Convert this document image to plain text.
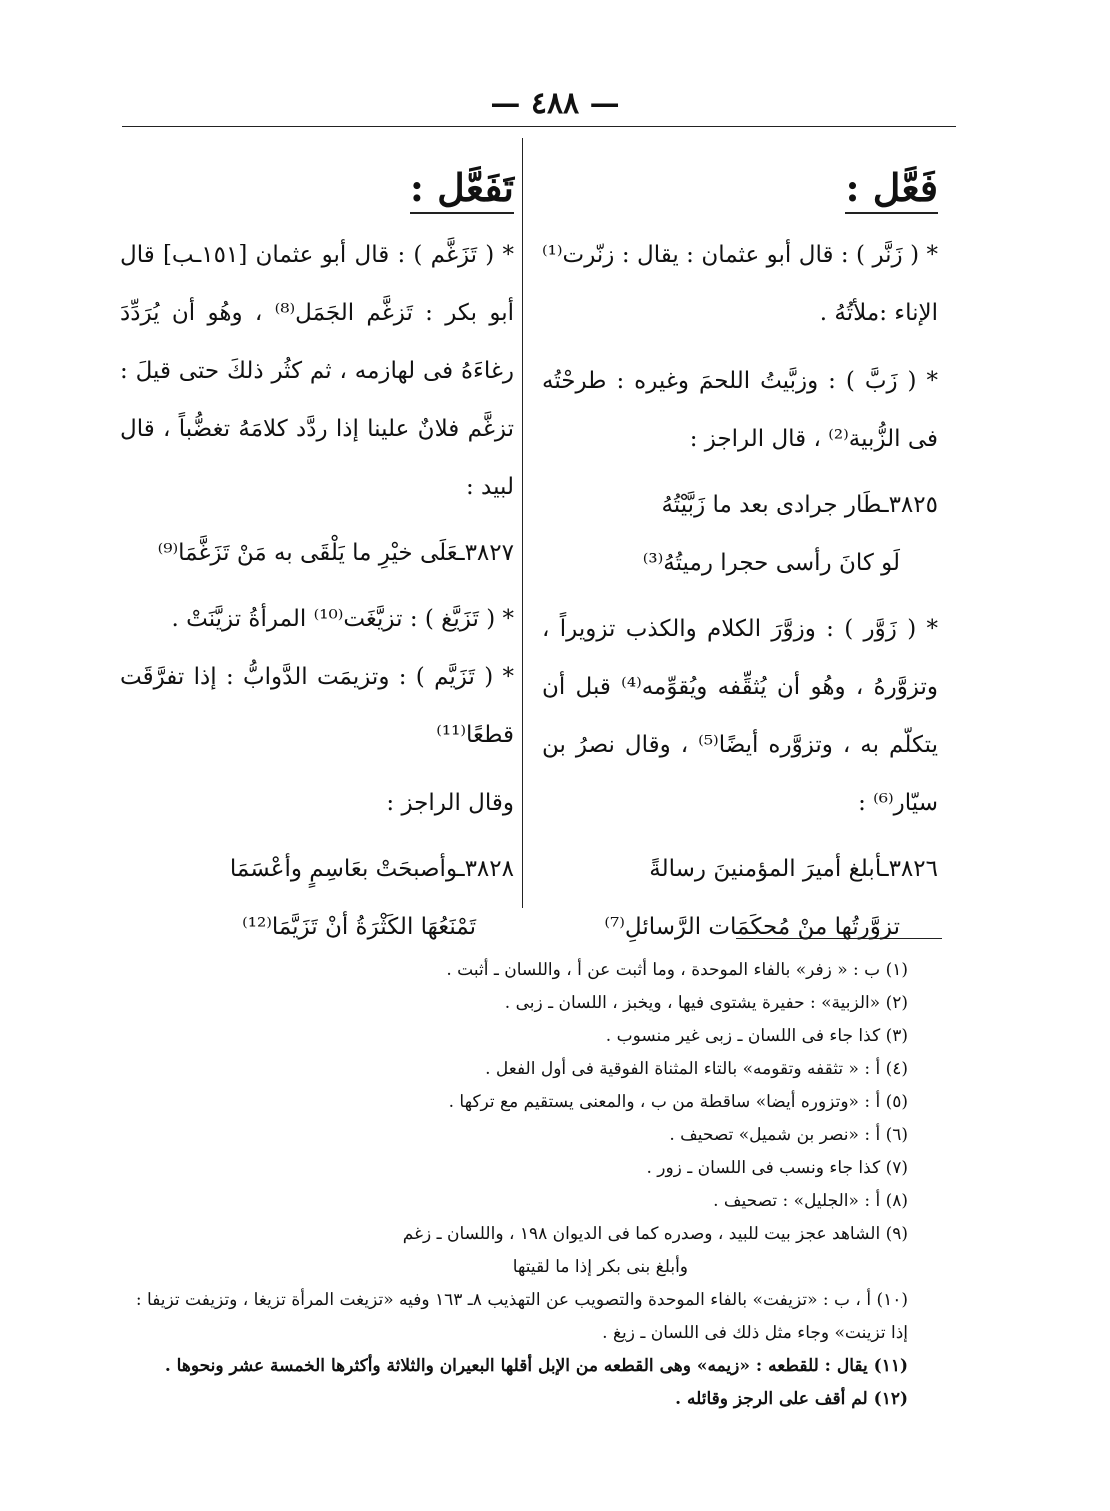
— ٤٨٨ —
فَعَّل :

* ( زَنَّر ) : قال أبو عثمان : يقال : زنّرت⁽¹⁾ الإناء :ملأتُهُ .

* ( زَبَّ ) : وزبَّيتُ اللحمَ وغيره : طرحْتُه فى الزُّبية⁽²⁾ ، قال الراجز :

٣٨٢٥ـطَار جرادى بعد ما زَبَّيْتُهُ
لَو كانَ رأسى حجرا رميتُهُ⁽³⁾

* ( زَوَّر ) : وزوَّرَ الكلام والكذب تزويراً ، وتزوَّرهُ ، وهُو أن يُثقِّفه ويُقوِّمه⁽⁴⁾ قبل أن يتكلّم به ، وتزوَّره أيضًا⁽⁵⁾ ، وقال نصرُ بن سيّار⁽⁶⁾ :

٣٨٢٦ـأبلغ أميرَ المؤمنينَ رسالةً
تزوَّرتُها منْ مُحكَمَات الرَّسائلِ⁽⁷⁾
تَفَعَّل :

* ( تَزَغَّم ) : قال أبو عثمان [١٥١ـب] قال أبو بكر : تَزغَّم الجَمَل⁽⁸⁾ ، وهُو أن يُرَدِّدَ رغاءَهُ فى لهازمه ، ثم كثُر ذلكَ حتى قيلَ : تزغَّم فلانٌ علينا إذا ردَّد كلامَهُ تغضُّباً ، قال لبيد :

٣٨٢٧ـعَلَى خيْرِ ما يَلْقَى به مَنْ تَزَغَّمَا⁽⁹⁾

* ( تَزَيَّغ ) : تزيَّغَت⁽¹⁰⁾ المرأةُ تزيَّنَتْ .

* ( تَزَيَّم ) : وتزيمَت الدَّوابُّ : إذا تفرَّقَت قطعًا⁽¹¹⁾

وقال الراجز :

٣٨٢٨ـوأصبحَتْ بعَاسِمٍ وأعْسَمَا
تَمْنَعُهَا الكَثْرَةُ أنْ تَزَيَّمَا⁽¹²⁾

(١) ب : « زفر» بالفاء الموحدة ، وما أثبت عن أ ، واللسان ـ أثبت .

(٢) «الزبية» : حفيرة يشتوى فيها ، ويخبز ، اللسان ـ زبى .

(٣) كذا جاء فى اللسان ـ زبى غير منسوب .

(٤) أ : « تثقفه وتقومه» بالتاء المثناة الفوقية فى أول الفعل .

(٥) أ : «وتزوره أيضا» ساقطة من ب ، والمعنى يستقيم مع تركها .

(٦) أ : «نصر بن شميل» تصحيف .

(٧) كذا جاء ونسب فى اللسان ـ زور .

(٨) أ : «الجليل» : تصحيف .

(٩) الشاهد عجز بيت للبيد ، وصدره كما فى الديوان ١٩٨ ، واللسان ـ زغم

وأبلغ بنى بكر إذا ما لقيتها

(١٠) أ ، ب : «تزيفت» بالفاء الموحدة والتصويب عن التهذيب ٨ـ ١٦٣ وفيه «تزيغت المرأة تزيغا ، وتزيفت تزيفا : إذا تزينت» وجاء مثل ذلك فى اللسان ـ زيغ .

(١١) يقال : للقطعه : «زيمه» وهى القطعه من الإبل أقلها البعيران والثلاثة وأكثرها الخمسة عشر ونحوها .

(١٢) لم أقف على الرجز وقائله .
